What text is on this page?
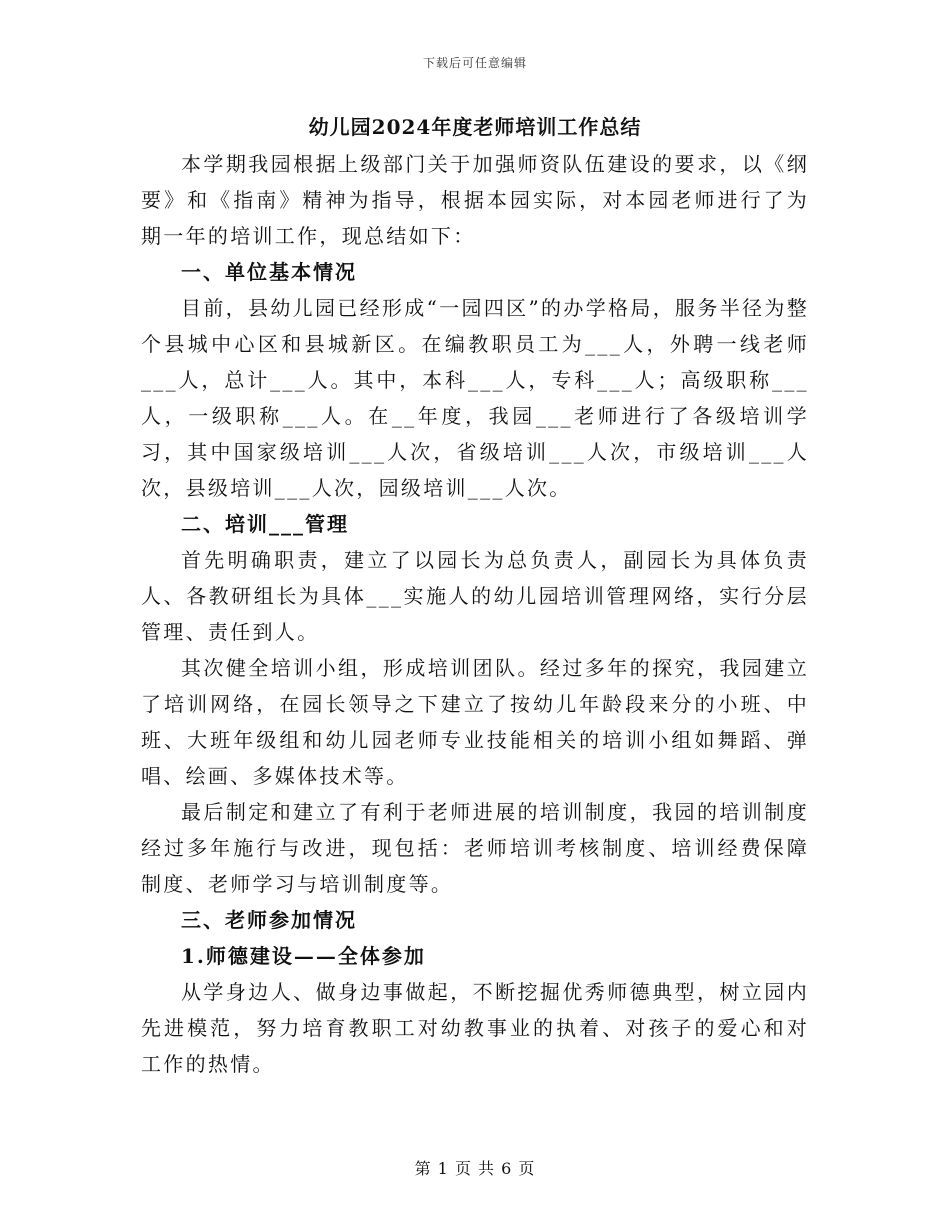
下载后可任意编辑
幼儿园2024年度老师培训工作总结

本学期我园根据上级部门关于加强师资队伍建设的要求，以《纲要》和《指南》精神为指导，根据本园实际，对本园老师进行了为期一年的培训工作，现总结如下：

一、单位基本情况

目前，县幼儿园已经形成“一园四区”的办学格局，服务半径为整个县城中心区和县城新区。在编教职员工为___人，外聘一线老师___人，总计___人。其中，本科___人，专科___人；高级职称___人，一级职称___人。在__年度，我园___老师进行了各级培训学习，其中国家级培训___人次，省级培训___人次，市级培训___人次，县级培训___人次，园级培训___人次。

二、培训___管理

首先明确职责，建立了以园长为总负责人，副园长为具体负责人、各教研组长为具体___实施人的幼儿园培训管理网络，实行分层管理、责任到人。

其次健全培训小组，形成培训团队。经过多年的探究，我园建立了培训网络，在园长领导之下建立了按幼儿年龄段来分的小班、中班、大班年级组和幼儿园老师专业技能相关的培训小组如舞蹈、弹唱、绘画、多媒体技术等。

最后制定和建立了有利于老师进展的培训制度，我园的培训制度经过多年施行与改进，现包括：老师培训考核制度、培训经费保障制度、老师学习与培训制度等。

三、老师参加情况

1.师德建设——全体参加

从学身边人、做身边事做起，不断挖掘优秀师德典型，树立园内先进模范，努力培育教职工对幼教事业的执着、对孩子的爱心和对工作的热情。

第 1 页 共 6 页
